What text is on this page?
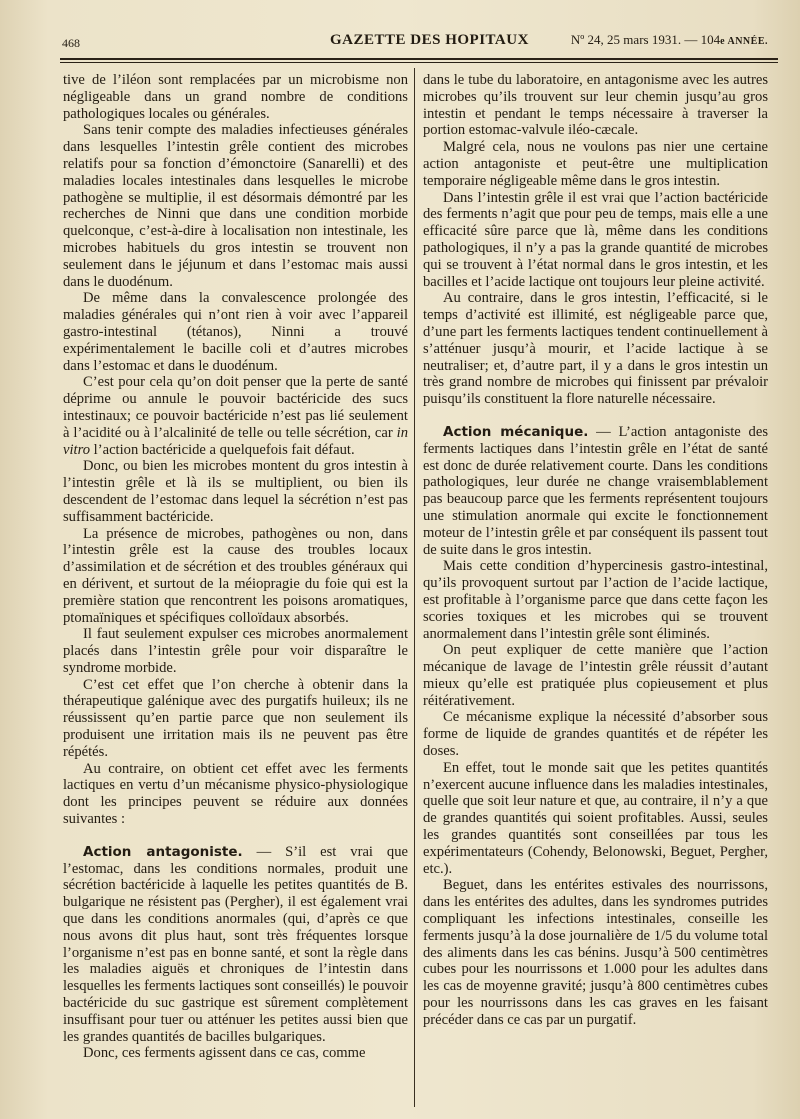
468	GAZETTE DES HOPITAUX	Nº 24, 25 mars 1931. — 104e ANNÉE.

tive de l’iléon sont remplacées par un microbisme non négligeable dans un grand nombre de conditions pathologiques locales ou générales.

Sans tenir compte des maladies infectieuses générales dans lesquelles l’intestin grêle contient des microbes relatifs pour sa fonction d’émonctoire (Sanarelli) et des maladies locales intestinales dans lesquelles le microbe pathogène se multiplie, il est désormais démontré par les recherches de Ninni que dans une condition morbide quelconque, c’est-à-dire à localisation non intestinale, les microbes habituels du gros intestin se trouvent non seulement dans le jéjunum et dans l’estomac mais aussi dans le duodénum.

De même dans la convalescence prolongée des maladies générales qui n’ont rien à voir avec l’appareil gastro-intestinal (tétanos), Ninni a trouvé expérimentalement le bacille coli et d’autres microbes dans l’estomac et dans le duodénum.

C’est pour cela qu’on doit penser que la perte de santé déprime ou annule le pouvoir bactéricide des sucs intestinaux; ce pouvoir bactéricide n’est pas lié seulement à l’acidité ou à l’alcalinité de telle ou telle sécrétion, car in vitro l’action bactéricide a quelquefois fait défaut.

Donc, ou bien les microbes montent du gros intestin à l’intestin grêle et là ils se multiplient, ou bien ils descendent de l’estomac dans lequel la sécrétion n’est pas suffisamment bactéricide.

La présence de microbes, pathogènes ou non, dans l’intestin grêle est la cause des troubles locaux d’assimilation et de sécrétion et des troubles généraux qui en dérivent, et surtout de la méiopragie du foie qui est la première station que rencontrent les poisons aromatiques, ptomaïniques et spécifiques colloïdaux absorbés.

Il faut seulement expulser ces microbes anormalement placés dans l’intestin grêle pour voir disparaître le syndrome morbide.

C’est cet effet que l’on cherche à obtenir dans la thérapeutique galénique avec des purgatifs huileux; ils ne réussissent qu’en partie parce que non seulement ils produisent une irritation mais ils ne peuvent pas être répétés.

Au contraire, on obtient cet effet avec les ferments lactiques en vertu d’un mécanisme physico-physiologique dont les principes peuvent se réduire aux données suivantes :

Action antagoniste. — S’il est vrai que l’estomac, dans les conditions normales, produit une sécrétion bactéricide à laquelle les petites quantités de B. bulgarique ne résistent pas (Pergher), il est également vrai que dans les conditions anormales (qui, d’après ce que nous avons dit plus haut, sont très fréquentes lorsque l’organisme n’est pas en bonne santé, et sont la règle dans les maladies aiguës et chroniques de l’intestin dans lesquelles les ferments lactiques sont conseillés) le pouvoir bactéricide du suc gastrique est sûrement complètement insuffisant pour tuer ou atténuer les petites aussi bien que les grandes quantités de bacilles bulgariques.

Donc, ces ferments agissent dans ce cas, comme

dans le tube du laboratoire, en antagonisme avec les autres microbes qu’ils trouvent sur leur chemin jusqu’au gros intestin et pendant le temps nécessaire à traverser la portion estomac-valvule iléo-cæcale.

Malgré cela, nous ne voulons pas nier une certaine action antagoniste et peut-être une multiplication temporaire négligeable même dans le gros intestin.

Dans l’intestin grêle il est vrai que l’action bactéricide des ferments n’agit que pour peu de temps, mais elle a une efficacité sûre parce que là, même dans les conditions pathologiques, il n’y a pas la grande quantité de microbes qui se trouvent à l’état normal dans le gros intestin, et les bacilles et l’acide lactique ont toujours leur pleine activité.

Au contraire, dans le gros intestin, l’efficacité, si le temps d’activité est illimité, est négligeable parce que, d’une part les ferments lactiques tendent continuellement à s’atténuer jusqu’à mourir, et l’acide lactique à se neutraliser; et, d’autre part, il y a dans le gros intestin un très grand nombre de microbes qui finissent par prévaloir puisqu’ils constituent la flore naturelle nécessaire.

Action mécanique. — L’action antagoniste des ferments lactiques dans l’intestin grêle en l’état de santé est donc de durée relativement courte. Dans les conditions pathologiques, leur durée ne change vraisemblablement pas beaucoup parce que les ferments représentent toujours une stimulation anormale qui excite le fonctionnement moteur de l’intestin grêle et par conséquent ils passent tout de suite dans le gros intestin.

Mais cette condition d’hypercinesis gastro-intestinal, qu’ils provoquent surtout par l’action de l’acide lactique, est profitable à l’organisme parce que dans cette façon les scories toxiques et les microbes qui se trouvent anormalement dans l’intestin grêle sont éliminés.

On peut expliquer de cette manière que l’action mécanique de lavage de l’intestin grêle réussit d’autant mieux qu’elle est pratiquée plus copieusement et plus réitérativement.

Ce mécanisme explique la nécessité d’absorber sous forme de liquide de grandes quantités et de répéter les doses.

En effet, tout le monde sait que les petites quantités n’exercent aucune influence dans les maladies intestinales, quelle que soit leur nature et que, au contraire, il n’y a que de grandes quantités qui soient profitables. Aussi, seules les grandes quantités sont conseillées par tous les expérimentateurs (Cohendy, Belonowski, Beguet, Pergher, etc.).

Beguet, dans les entérites estivales des nourrissons, dans les entérites des adultes, dans les syndromes putrides compliquant les infections intestinales, conseille les ferments jusqu’à la dose journalière de 1/5 du volume total des aliments dans les cas bénins. Jusqu’à 500 centimètres cubes pour les nourrissons et 1.000 pour les adultes dans les cas de moyenne gravité; jusqu’à 800 centimètres cubes pour les nourrissons dans les cas graves en les faisant précéder dans ce cas par un purgatif.
